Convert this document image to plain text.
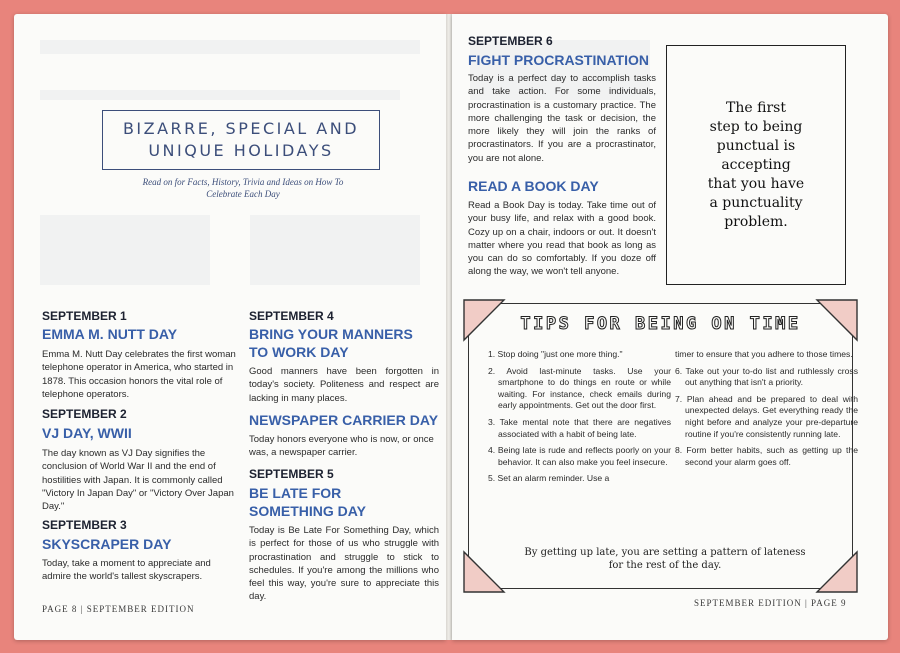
BIZARRE, SPECIAL AND
UNIQUE HOLIDAYS
Read on for Facts, History, Trivia and Ideas on How To Celebrate Each Day
SEPTEMBER 1
EMMA M. NUTT DAY
Emma M. Nutt Day celebrates the first woman telephone operator in America, who started in 1878. This occasion honors the vital role of telephone operators.
SEPTEMBER 2
VJ DAY, WWII
The day known as VJ Day signifies the conclusion of World War II and the end of hostilities with Japan. It is commonly called "Victory In Japan Day" or "Victory Over Japan Day."
SEPTEMBER 3
SKYSCRAPER DAY
Today, take a moment to appreciate and admire the world's tallest skyscrapers.
SEPTEMBER 4
BRING YOUR MANNERS TO WORK DAY
Good manners have been forgotten in today's society. Politeness and respect are lacking in many places.
NEWSPAPER CARRIER DAY
Today honors everyone who is now, or once was, a newspaper carrier.
SEPTEMBER 5
BE LATE FOR SOMETHING DAY
Today is Be Late For Something Day, which is perfect for those of us who struggle with procrastination and struggle to stick to schedules. If you're among the millions who feel this way, you're sure to appreciate this day.
PAGE 8 | SEPTEMBER EDITION
SEPTEMBER 6
FIGHT PROCRASTINATION
Today is a perfect day to accomplish tasks and take action. For some individuals, procrastination is a customary practice. The more challenging the task or decision, the more likely they will join the ranks of procrastinators. If you are a procrastinator, you are not alone.
READ A BOOK DAY
Read a Book Day is today. Take time out of your busy life, and relax with a good book. Cozy up on a chair, indoors or out. It doesn't matter where you read that book as long as you can do so comfortably. If you doze off along the way, we won't tell anyone.
The first
step to being
punctual is
accepting
that you have
a punctuality
problem.
TIPS FOR BEING ON TIME
1. Stop doing "just one more thing."
2. Avoid last-minute tasks. Use your smartphone to do things en route or while waiting. For instance, check emails during early appointments. Get out the door first.
3. Take mental note that there are negatives associated with a habit of being late.
4. Being late is rude and reflects poorly on your behavior. It can also make you feel insecure.
5. Set an alarm reminder. Use a
timer to ensure that you adhere to those times.
6. Take out your to-do list and ruthlessly cross out anything that isn't a priority.
7. Plan ahead and be prepared to deal with unexpected delays. Get everything ready the night before and analyze your pre-departure routine if you're consistently running late.
8. Form better habits, such as getting up the second your alarm goes off.
By getting up late, you are setting a pattern of lateness for the rest of the day.
SEPTEMBER EDITION | PAGE 9
